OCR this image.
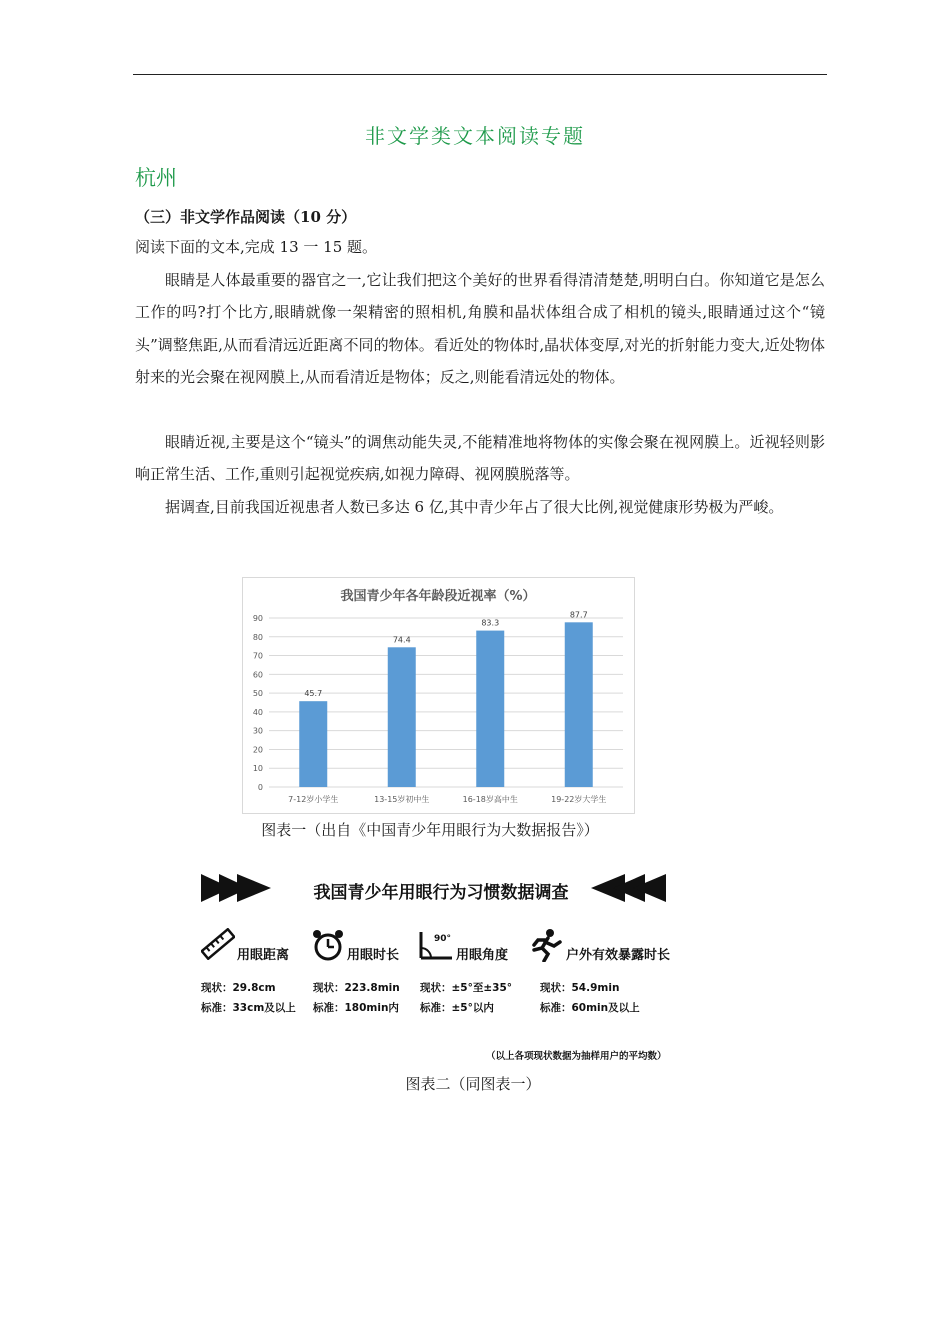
非文学类文本阅读专题
杭州
（三）非文学作品阅读（10 分）
阅读下面的文本,完成 13 一 15 题。
眼睛是人体最重要的器官之一,它让我们把这个美好的世界看得清清楚楚,明明白白。你知道它是怎么工作的吗?打个比方,眼睛就像一架精密的照相机,角膜和晶状体组合成了相机的镜头,眼睛通过这个“镜头”调整焦距,从而看清远近距离不同的物体。看近处的物体时,晶状体变厚,对光的折射能力变大,近处物体射来的光会聚在视网膜上,从而看清近是物体；反之,则能看清远处的物体。
眼睛近视,主要是这个“镜头”的调焦动能失灵,不能精准地将物体的实像会聚在视网膜上。近视轻则影响正常生活、工作,重则引起视觉疾病,如视力障碍、视网膜脱落等。
据调查,目前我国近视患者人数已多达 6 亿,其中青少年占了很大比例,视觉健康形势极为严峻。
我国青少年各年龄段近视率（%）
0
10
20
30
40
50
60
70
80
90
45.7
7-12岁小学生
74.4
13-15岁初中生
83.3
16-18岁高中生
87.7
19-22岁大学生
图表一（出自《中国青少年用眼行为大数据报告》）
我国青少年用眼行为习惯数据调查
用眼距离	用眼时长
90°
用眼角度	户外有效暴露时长
现状：29.8cm
标准：33cm及以上
现状：223.8min
标准：180min内
现状：±5°至±35°
标准：±5°以内
现状：54.9min
标准：60min及以上
（以上各项现状数据为抽样用户的平均数）
图表二（同图表一）
